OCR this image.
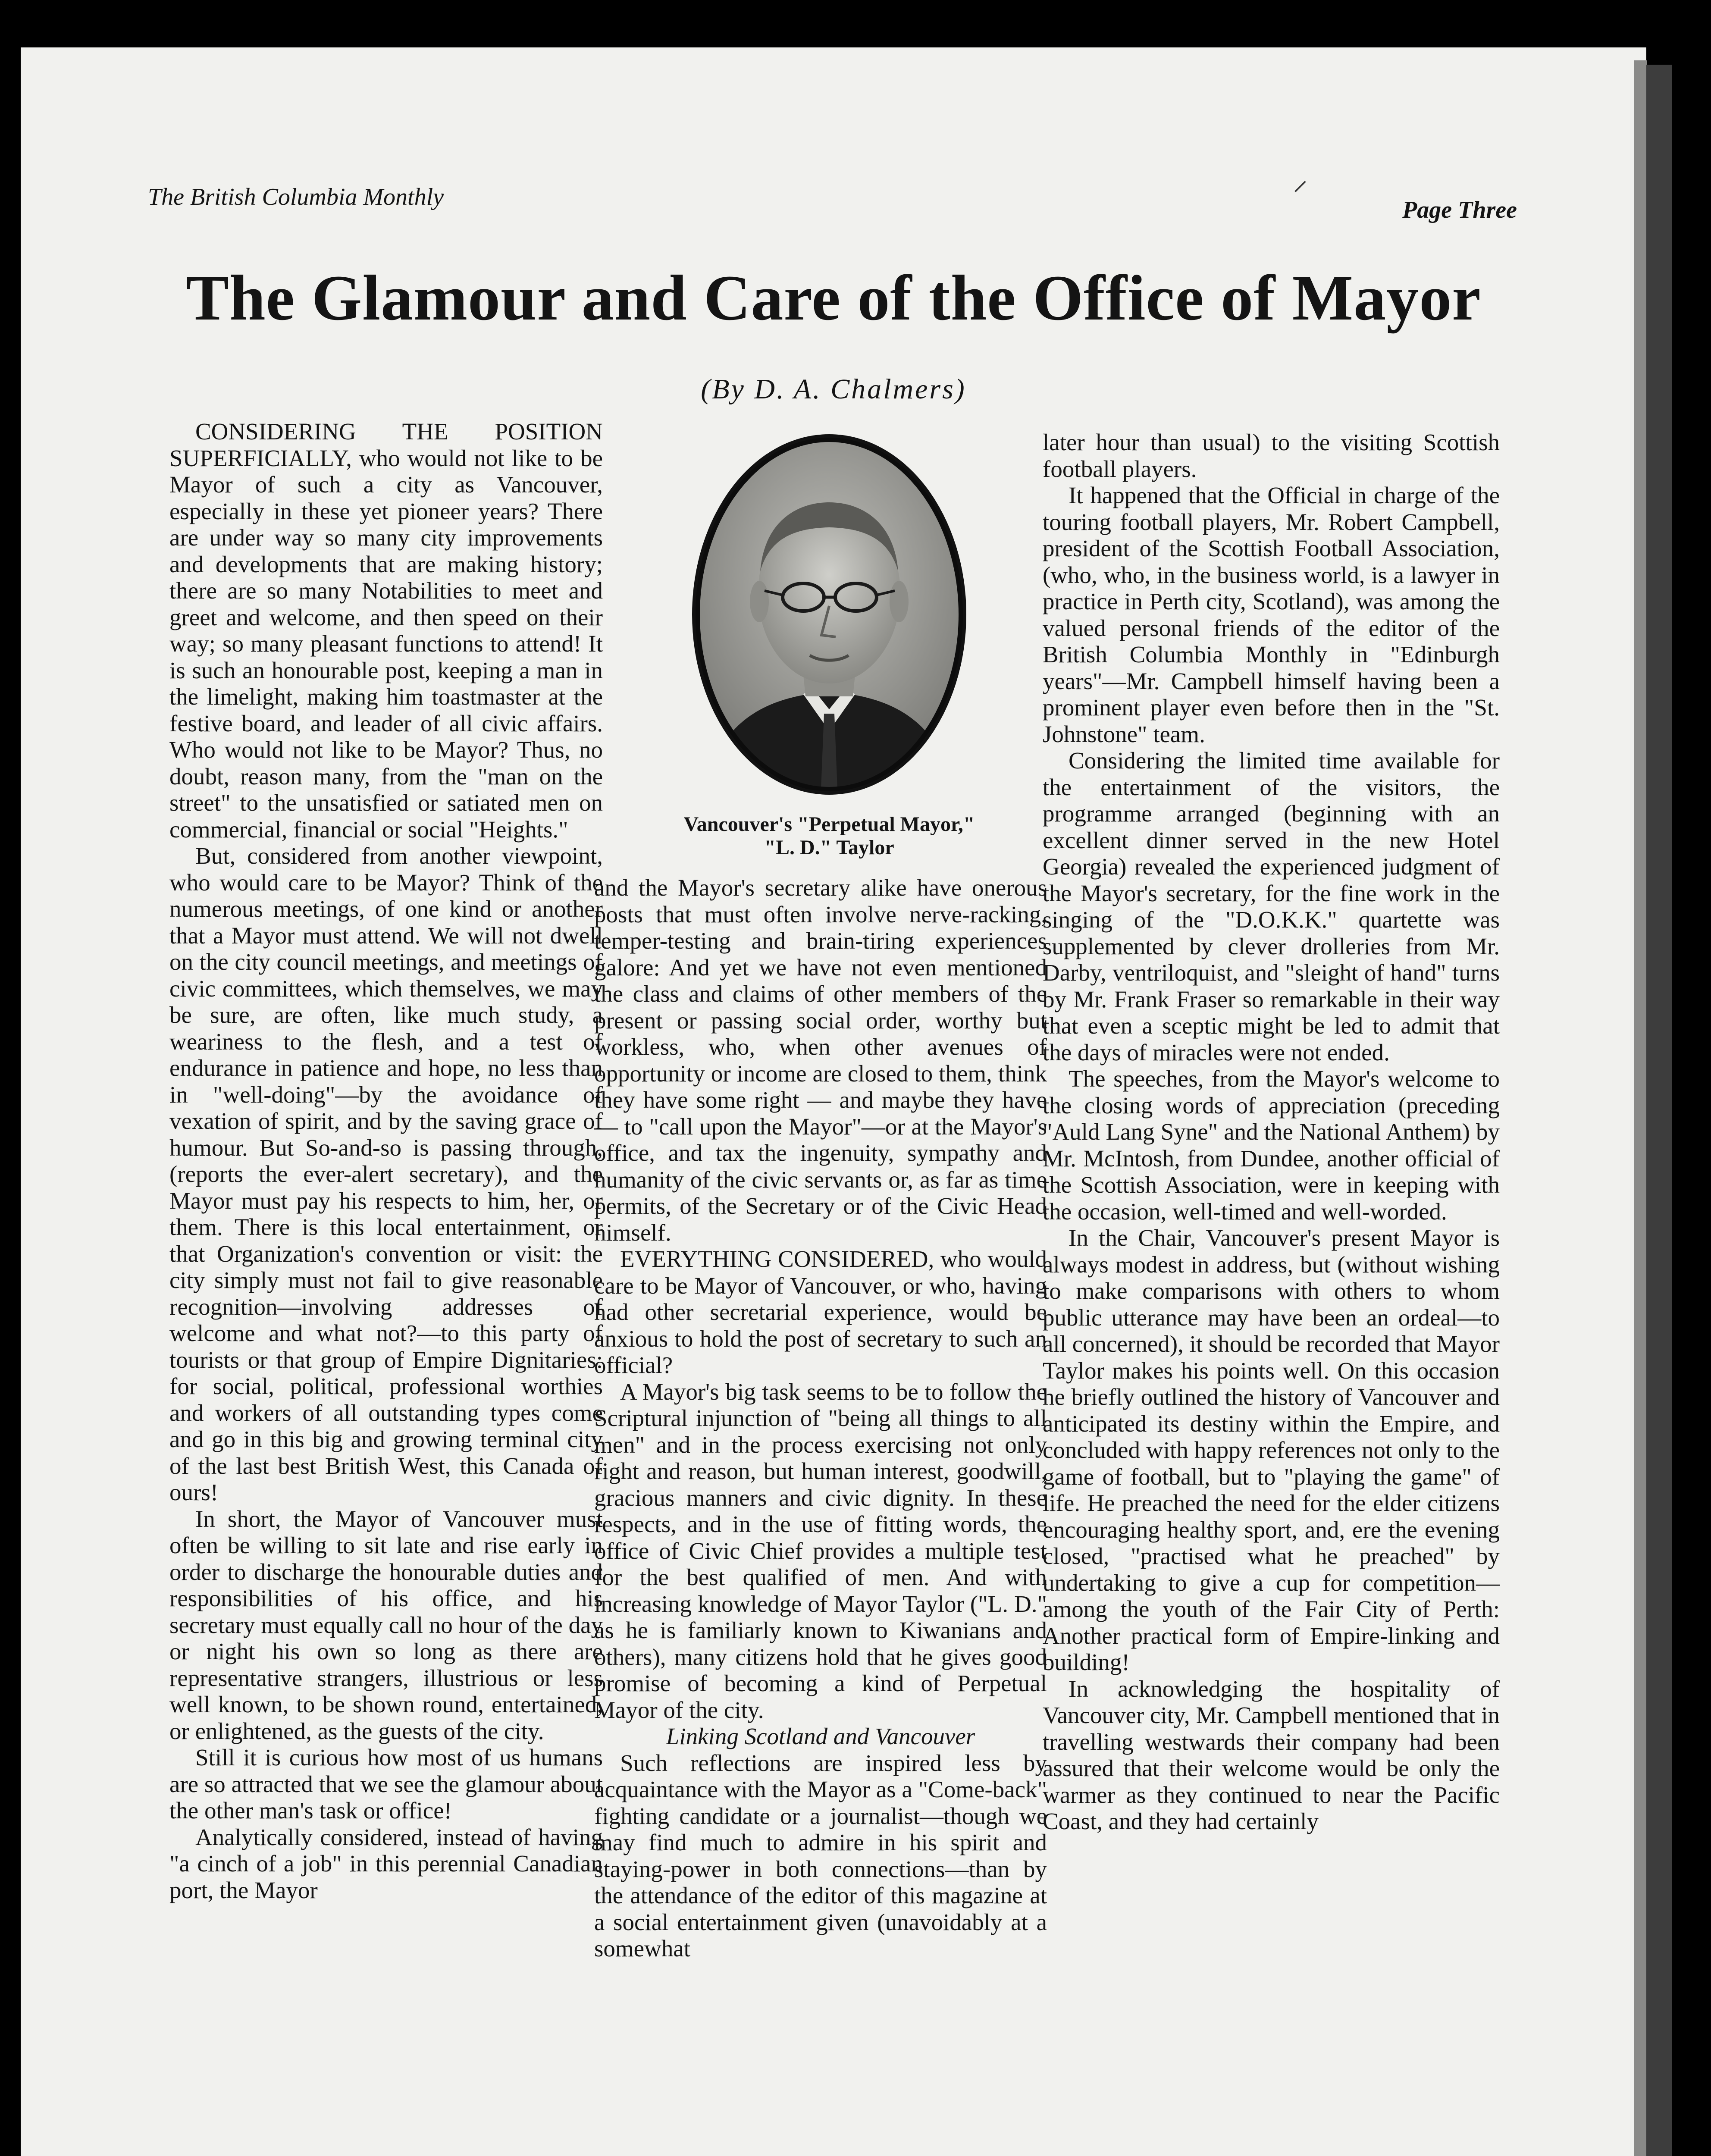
The British Columbia Monthly	Page Three
The Glamour and Care of the Office of Mayor
(By D. A. Chalmers)

CONSIDERING THE POSITION SUPERFICIALLY, who would not like to be Mayor of such a city as Vancouver, especially in these yet pioneer years? There are under way so many city improvements and developments that are making history; there are so many Notabilities to meet and greet and welcome, and then speed on their way; so many pleasant functions to attend! It is such an honourable post, keeping a man in the limelight, making him toastmaster at the festive board, and leader of all civic affairs. Who would not like to be Mayor? Thus, no doubt, reason many, from the "man on the street" to the unsatisfied or satiated men on commercial, financial or social "Heights."

But, considered from another viewpoint, who would care to be Mayor? Think of the numerous meetings, of one kind or another that a Mayor must attend. We will not dwell on the city council meetings, and meetings of civic committees, which themselves, we may be sure, are often, like much study, a weariness to the flesh, and a test of endurance in patience and hope, no less than in "well-doing"—by the avoidance of vexation of spirit, and by the saving grace of humour. But So-and-so is passing through, (reports the ever-alert secretary), and the Mayor must pay his respects to him, her, or them. There is this local entertainment, or that Organization's convention or visit: the city simply must not fail to give reasonable recognition—involving addresses of welcome and what not?—to this party of tourists or that group of Empire Dignitaries: for social, political, professional worthies and workers of all outstanding types come and go in this big and growing terminal city of the last best British West, this Canada of ours!

In short, the Mayor of Vancouver must often be willing to sit late and rise early in order to discharge the honourable duties and responsibilities of his office, and his secretary must equally call no hour of the day or night his own so long as there are representative strangers, illustrious or less well known, to be shown round, entertained, or enlightened, as the guests of the city.

Still it is curious how most of us humans are so attracted that we see the glamour about the other man's task or office!

Analytically considered, instead of having "a cinch of a job" in this perennial Canadian port, the Mayor

Vancouver's "Perpetual Mayor,"
"L. D." Taylor

and the Mayor's secretary alike have onerous posts that must often involve nerve-racking, temper-testing and brain-tiring experiences galore: And yet we have not even mentioned the class and claims of other members of the present or passing social order, worthy but workless, who, when other avenues of opportunity or income are closed to them, think they have some right — and maybe they have — to "call upon the Mayor"—or at the Mayor's office, and tax the ingenuity, sympathy and humanity of the civic servants or, as far as time permits, of the Secretary or of the Civic Head himself.

EVERYTHING CONSIDERED, who would care to be Mayor of Vancouver, or who, having had other secretarial experience, would be anxious to hold the post of secretary to such an official?

A Mayor's big task seems to be to follow the Scriptural injunction of "being all things to all men" and in the process exercising not only right and reason, but human interest, goodwill, gracious manners and civic dignity. In these respects, and in the use of fitting words, the office of Civic Chief provides a multiple test for the best qualified of men. And with increasing knowledge of Mayor Taylor ("L. D." as he is familiarly known to Kiwanians and others), many citizens hold that he gives good promise of becoming a kind of Perpetual Mayor of the city.

Linking Scotland and Vancouver

Such reflections are inspired less by acquaintance with the Mayor as a "Come-back" fighting candidate or a journalist—though we may find much to admire in his spirit and staying-power in both connections—than by the attendance of the editor of this magazine at a social entertainment given (unavoidably at a somewhat

later hour than usual) to the visiting Scottish football players.

It happened that the Official in charge of the touring football players, Mr. Robert Campbell, president of the Scottish Football Association, (who, who, in the business world, is a lawyer in practice in Perth city, Scotland), was among the valued personal friends of the editor of the British Columbia Monthly in "Edinburgh years"—Mr. Campbell himself having been a prominent player even before then in the "St. Johnstone" team.

Considering the limited time available for the entertainment of the visitors, the programme arranged (beginning with an excellent dinner served in the new Hotel Georgia) revealed the experienced judgment of the Mayor's secretary, for the fine work in the singing of the "D.O.K.K." quartette was supplemented by clever drolleries from Mr. Darby, ventriloquist, and "sleight of hand" turns by Mr. Frank Fraser so remarkable in their way that even a sceptic might be led to admit that the days of miracles were not ended.

The speeches, from the Mayor's welcome to the closing words of appreciation (preceding "Auld Lang Syne" and the National Anthem) by Mr. McIntosh, from Dundee, another official of the Scottish Association, were in keeping with the occasion, well-timed and well-worded.

In the Chair, Vancouver's present Mayor is always modest in address, but (without wishing to make comparisons with others to whom public utterance may have been an ordeal—to all concerned), it should be recorded that Mayor Taylor makes his points well. On this occasion he briefly outlined the history of Vancouver and anticipated its destiny within the Empire, and concluded with happy references not only to the game of football, but to "playing the game" of life. He preached the need for the elder citizens encouraging healthy sport, and, ere the evening closed, "practised what he preached" by undertaking to give a cup for competition—among the youth of the Fair City of Perth: Another practical form of Empire-linking and building!

In acknowledging the hospitality of Vancouver city, Mr. Campbell mentioned that in travelling westwards their company had been assured that their welcome would be only the warmer as they continued to near the Pacific Coast, and they had certainly

⸝
